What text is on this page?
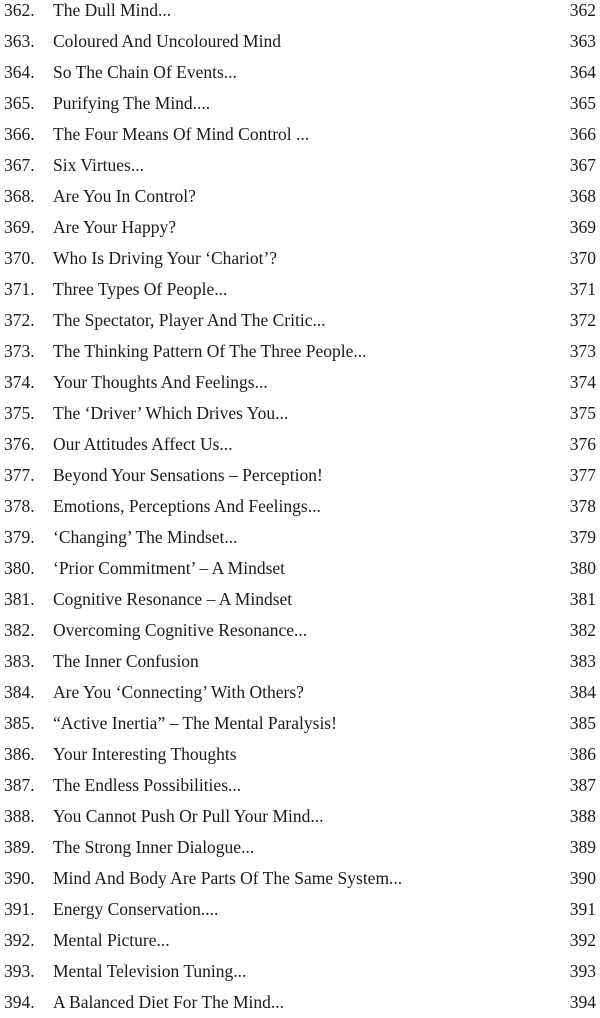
362. The Dull Mind...	362
363. Coloured And Uncoloured Mind	363
364. So The Chain Of Events...	364
365. Purifying The Mind....	365
366. The Four Means Of Mind Control ...	366
367. Six Virtues...	367
368. Are You In Control?	368
369. Are Your Happy?	369
370. Who Is Driving Your ‘Chariot’?	370
371. Three Types Of People...	371
372. The Spectator, Player And The Critic...	372
373. The Thinking Pattern Of The Three People...	373
374. Your Thoughts And Feelings...	374
375. The ‘Driver’ Which Drives You...	375
376. Our Attitudes Affect Us...	376
377. Beyond Your Sensations – Perception!	377
378. Emotions, Perceptions And Feelings...	378
379. ‘Changing’ The Mindset...	379
380. ‘Prior Commitment’ – A Mindset	380
381. Cognitive Resonance – A Mindset	381
382. Overcoming Cognitive Resonance...	382
383. The Inner Confusion	383
384. Are You ‘Connecting’ With Others?	384
385. “Active Inertia” – The Mental Paralysis!	385
386. Your Interesting Thoughts	386
387. The Endless Possibilities...	387
388. You Cannot Push Or Pull Your Mind...	388
389. The Strong Inner Dialogue...	389
390. Mind And Body Are Parts Of The Same System...	390
391. Energy Conservation....	391
392. Mental Picture...	392
393. Mental Television Tuning...	393
394. A Balanced Diet For The Mind...	394
